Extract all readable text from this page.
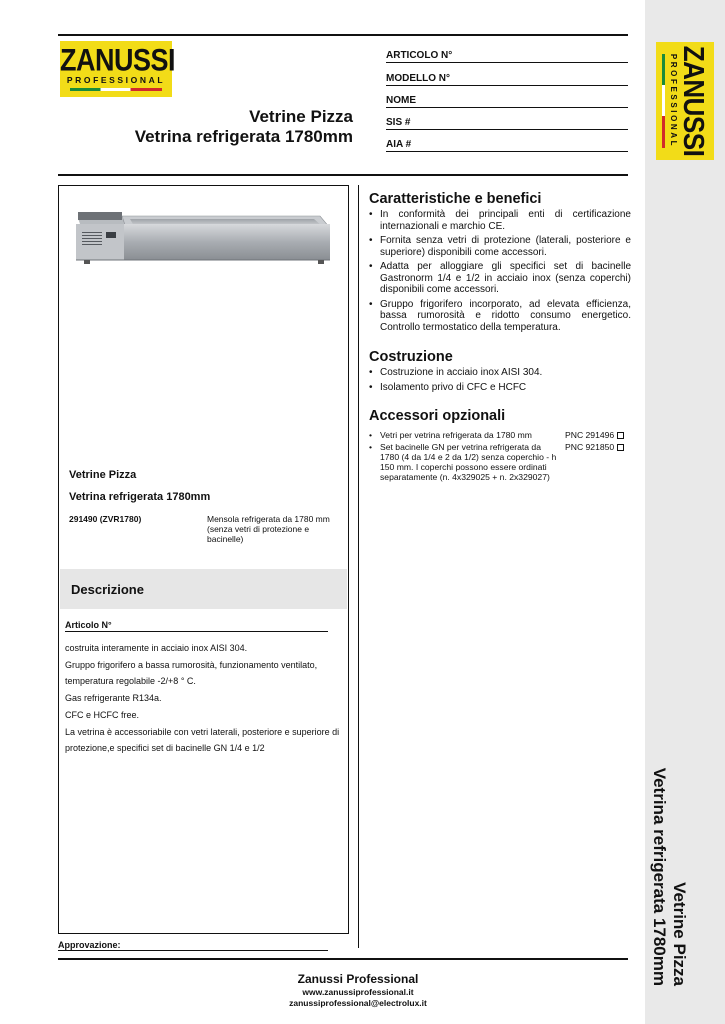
ZANUSSI
PROFESSIONAL	ZANUSSI
PROFESSIONAL
Vetrine Pizza
Vetrina refrigerata 1780mm
ARTICOLO N°
MODELLO N°
NOME
SIS #
AIA #
Vetrine Pizza
Vetrina refrigerata 1780mm
291490 (ZVR1780)	Mensola refrigerata da 1780 mm (senza vetri di protezione e bacinelle)
Descrizione
Articolo N°
costruita interamente in acciaio inox AISI 304.
Gruppo frigorifero a bassa rumorosità, funzionamento ventilato,
temperatura regolabile -2/+8 ° C.
Gas refrigerante R134a.
CFC e HCFC free.
La vetrina è accessoriabile con vetri laterali, posteriore e superiore di
protezione,e specifici set di bacinelle GN 1/4 e 1/2
Approvazione:
Caratteristiche e benefici
• In conformità dei principali enti di certificazione internazionali e marchio CE.
• Fornita senza vetri di protezione (laterali, posteriore e superiore) disponibili come accessori.
• Adatta per alloggiare gli specifici set di bacinelle Gastronorm 1/4 e 1/2 in acciaio inox (senza coperchi) disponibili come accessori.
• Gruppo frigorifero incorporato, ad elevata efficienza, bassa rumorosità e ridotto consumo energetico. Controllo termostatico della temperatura.
Costruzione
• Costruzione in acciaio inox AISI 304.
• Isolamento privo di CFC e HCFC
Accessori opzionali
• Vetri per vetrina refrigerata da 1780 mm	PNC 291496
• Set bacinelle GN per vetrina refrigerata da 1780 (4 da 1/4 e 2 da 1/2) senza coperchio - h 150 mm. I coperchi possono essere ordinati separatamente (n. 4x329025 + n. 2x329027)
PNC 921850
Zanussi Professional
www.zanussiprofessional.it
zanussiprofessional@electrolux.it
Vetrine Pizza
Vetrina refrigerata 1780mm
